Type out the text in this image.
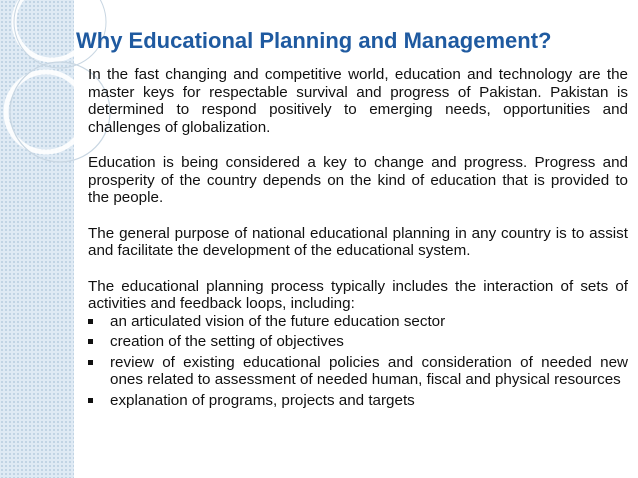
Why Educational Planning and Management?

In the fast changing and competitive world, education and technology are the master keys for respectable survival and progress of Pakistan. Pakistan is determined to respond positively to emerging needs, opportunities and challenges of globalization.

Education is being considered a key to change and progress. Progress and prosperity of the country depends on the kind of education that is provided to the people.

The general purpose of national educational planning in any country is to assist and facilitate the development of the educational system.

The educational planning process typically includes the interaction of sets of activities and feedback loops, including:

an articulated vision of the future education sector
creation of the setting of objectives
review of existing educational policies and consideration of needed new ones related to assessment of needed human, fiscal and physical resources
explanation of programs, projects and targets
